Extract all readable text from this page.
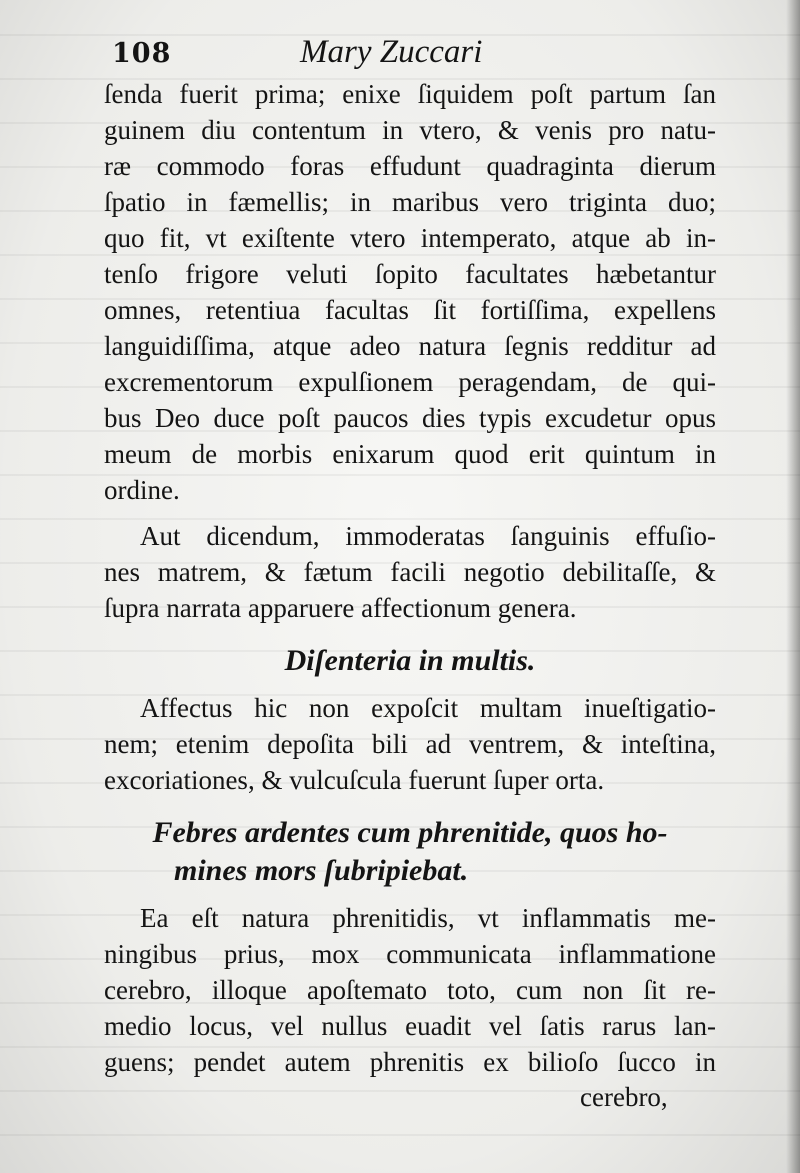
108	Mary Zuccari
ſenda fuerit prima; enixe ſiquidem poſt partum ſan
guinem diu contentum in vtero, & venis pro natu-
ræ commodo foras effudunt quadraginta dierum
ſpatio in fæmellis; in maribus vero triginta duo;
quo fit, vt exiſtente vtero intemperato, atque ab in-
tenſo frigore veluti ſopito facultates hæbetantur
omnes, retentiua facultas ſit fortiſſima, expellens
languidiſſima, atque adeo natura ſegnis redditur ad
excrementorum expulſionem peragendam, de qui-
bus Deo duce poſt paucos dies typis excudetur opus
meum de morbis enixarum quod erit quintum in
ordine.
Aut dicendum, immoderatas ſanguinis effuſio-
nes matrem, & fætum facili negotio debilitaſſe, &
ſupra narrata apparuere affectionum genera.
Diſenteria in multis.
Affectus hic non expoſcit multam inueſtigatio-
nem; etenim depoſita bili ad ventrem, & inteſtina,
excoriationes, & vulcuſcula fuerunt ſuper orta.
Febres ardentes cum phrenitide, quos ho-
mines mors ſubripiebat.
Ea eſt natura phrenitidis, vt inflammatis me-
ningibus prius, mox communicata inflammatione
cerebro, illoque apoſtemato toto, cum non ſit re-
medio locus, vel nullus euadit vel ſatis rarus lan-
guens; pendet autem phrenitis ex bilioſo ſucco in
cerebro,
